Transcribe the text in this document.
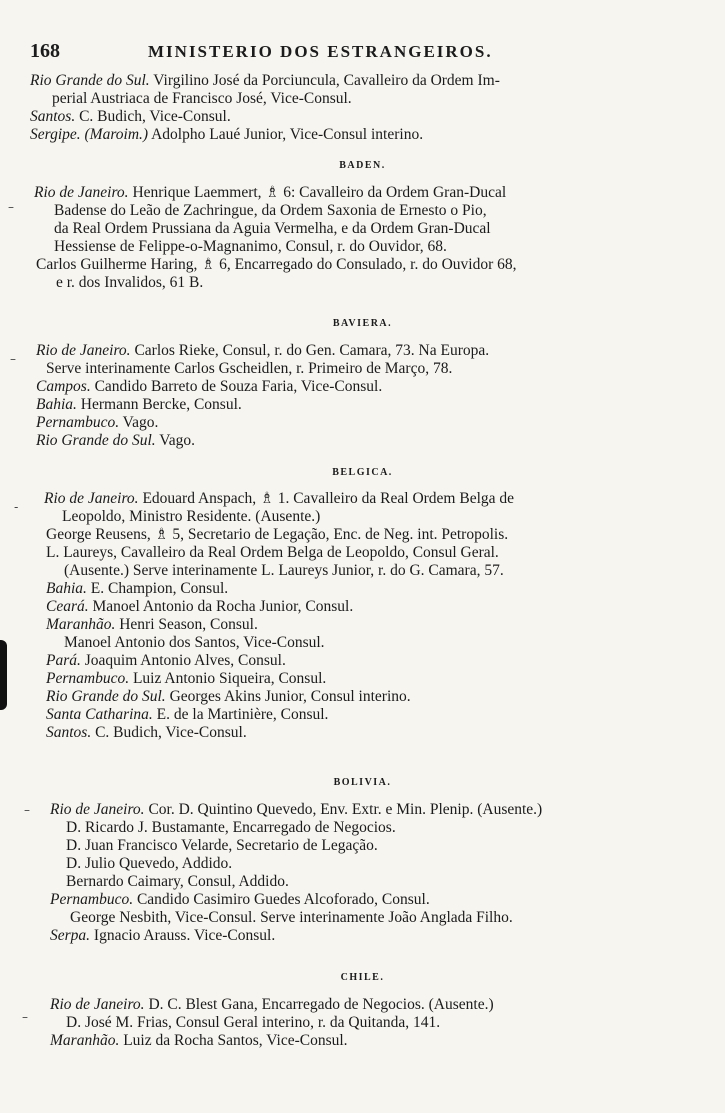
168	MINISTERIO DOS ESTRANGEIROS.
–
–
-
–
–
Rio Grande do Sul. Virgilino José da Porciuncula, Cavalleiro da Ordem Im-
perial Austriaca de Francisco José, Vice-Consul.
Santos. C. Budich, Vice-Consul.
Sergipe. (Maroim.) Adolpho Laué Junior, Vice-Consul interino.
BADEN.
Rio de Janeiro. Henrique Laemmert, ♗ 6: Cavalleiro da Ordem Gran-Ducal
Badense do Leão de Zachringue, da Ordem Saxonia de Ernesto o Pio,
da Real Ordem Prussiana da Aguia Vermelha, e da Ordem Gran-Ducal
Hessiense de Felippe-o-Magnanimo, Consul, r. do Ouvidor, 68.
Carlos Guilherme Haring, ♗ 6, Encarregado do Consulado, r. do Ouvidor 68,
e r. dos Invalidos, 61 B.
BAVIERA.
Rio de Janeiro. Carlos Rieke, Consul, r. do Gen. Camara, 73. Na Europa.
Serve interinamente Carlos Gscheidlen, r. Primeiro de Março, 78.
Campos. Candido Barreto de Souza Faria, Vice-Consul.
Bahia. Hermann Bercke, Consul.
Pernambuco. Vago.
Rio Grande do Sul. Vago.
BELGICA.
Rio de Janeiro. Edouard Anspach, ♗ 1. Cavalleiro da Real Ordem Belga de
Leopoldo, Ministro Residente. (Ausente.)
George Reusens, ♗ 5, Secretario de Legação, Enc. de Neg. int. Petropolis.
L. Laureys, Cavalleiro da Real Ordem Belga de Leopoldo, Consul Geral.
(Ausente.) Serve interinamente L. Laureys Junior, r. do G. Camara, 57.
Bahia. E. Champion, Consul.
Ceará. Manoel Antonio da Rocha Junior, Consul.
Maranhão. Henri Season, Consul.
Manoel Antonio dos Santos, Vice-Consul.
Pará. Joaquim Antonio Alves, Consul.
Pernambuco. Luiz Antonio Siqueira, Consul.
Rio Grande do Sul. Georges Akins Junior, Consul interino.
Santa Catharina. E. de la Martinière, Consul.
Santos. C. Budich, Vice-Consul.
BOLIVIA.
Rio de Janeiro. Cor. D. Quintino Quevedo, Env. Extr. e Min. Plenip. (Ausente.)
D. Ricardo J. Bustamante, Encarregado de Negocios.
D. Juan Francisco Velarde, Secretario de Legação.
D. Julio Quevedo, Addido.
Bernardo Caimary, Consul, Addido.
Pernambuco. Candido Casimiro Guedes Alcoforado, Consul.
George Nesbith, Vice-Consul. Serve interinamente João Anglada Filho.
Serpa. Ignacio Arauss. Vice-Consul.
CHILE.
Rio de Janeiro. D. C. Blest Gana, Encarregado de Negocios. (Ausente.)
D. José M. Frias, Consul Geral interino, r. da Quitanda, 141.
Maranhão. Luiz da Rocha Santos, Vice-Consul.
